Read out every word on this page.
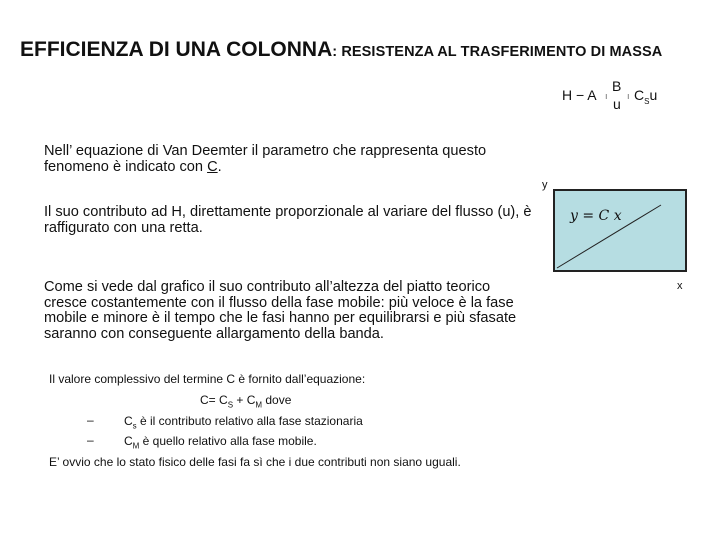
EFFICIENZA DI UNA COLONNA: RESISTENZA AL TRASFERIMENTO DI MASSA
H − A ı
B
u ı $C_Su$

Nell’ equazione di Van Deemter il parametro che rappresenta questo fenomeno è indicato con C.

Il suo contributo ad H, direttamente proporzionale al variare del flusso (u), è raffigurato con una retta.

Come si vede dal grafico il suo contributo all’altezza del piatto teorico cresce costantemente con il flusso della fase mobile: più veloce è la fase mobile e minore è il tempo che le fasi hanno per equilibrarsi e più sfasate saranno con conseguente allargamento della banda.

y
x
y = C x
Il valore complessivo del termine C è fornito dall’equazione:
$C= C_S + C_M$ dove
–	$C_s$ è il contributo relativo alla fase stazionaria
–	$C_M$ è quello relativo alla fase mobile.
E’ ovvio che lo stato fisico delle fasi fa sì che i due contributi non siano uguali.
